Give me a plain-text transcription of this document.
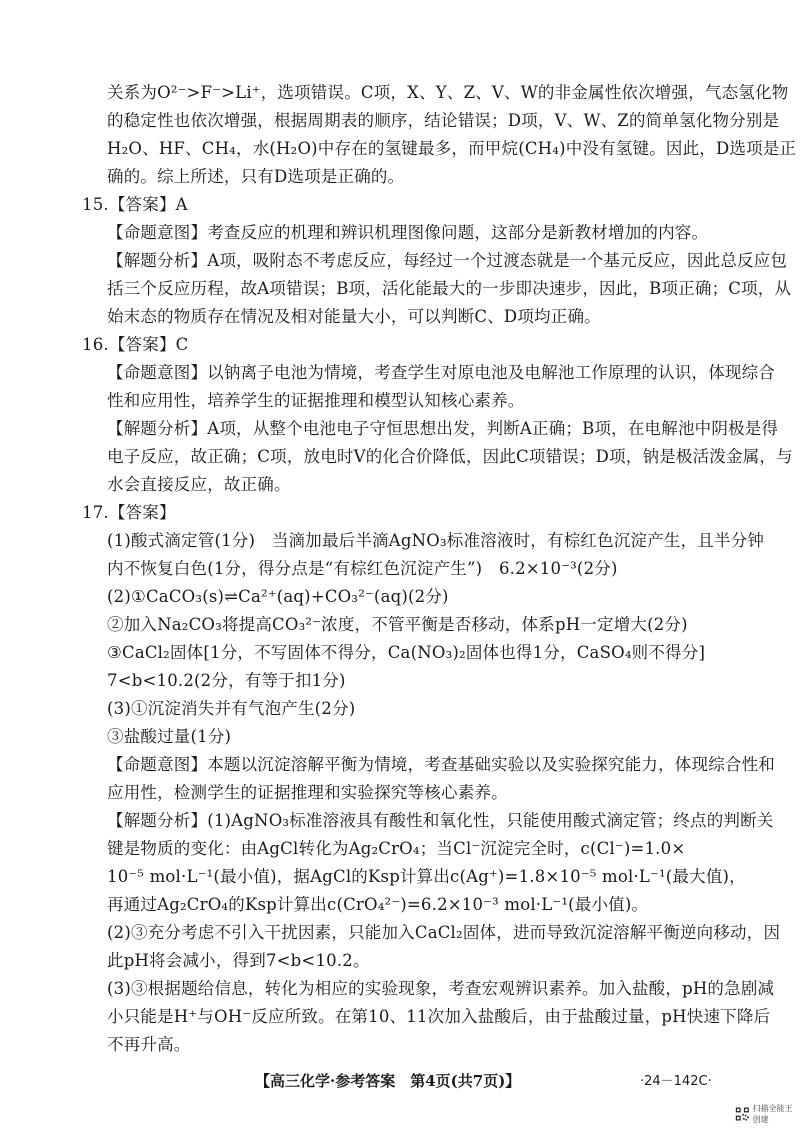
关系为O²⁻>F⁻>Li⁺，选项错误。C项，X、Y、Z、V、W的非金属性依次增强，气态氢化物
的稳定性也依次增强，根据周期表的顺序，结论错误；D项，V、W、Z的简单氢化物分别是
H₂O、HF、CH₄，水(H₂O)中存在的氢键最多，而甲烷(CH₄)中没有氢键。因此，D选项是正
确的。综上所述，只有D选项是正确的。
15.【答案】A
【命题意图】考查反应的机理和辨识机理图像问题，这部分是新教材增加的内容。
【解题分析】A项，吸附态不考虑反应，每经过一个过渡态就是一个基元反应，因此总反应包
括三个反应历程，故A项错误；B项，活化能最大的一步即决速步，因此，B项正确；C项，从
始末态的物质存在情况及相对能量大小，可以判断C、D项均正确。
16.【答案】C
【命题意图】以钠离子电池为情境，考查学生对原电池及电解池工作原理的认识，体现综合
性和应用性，培养学生的证据推理和模型认知核心素养。
【解题分析】A项，从整个电池电子守恒思想出发，判断A正确；B项，在电解池中阴极是得
电子反应，故正确；C项，放电时V的化合价降低，因此C项错误；D项，钠是极活泼金属，与
水会直接反应，故正确。
17.【答案】
(1)酸式滴定管(1分)　当滴加最后半滴AgNO₃标准溶液时，有棕红色沉淀产生，且半分钟
内不恢复白色(1分，得分点是“有棕红色沉淀产生”)　6.2×10⁻³(2分)
(2)①CaCO₃(s)⇌Ca²⁺(aq)+CO₃²⁻(aq)(2分)
②加入Na₂CO₃将提高CO₃²⁻浓度，不管平衡是否移动，体系pH一定增大(2分)
③CaCl₂固体[1分，不写固体不得分，Ca(NO₃)₂固体也得1分，CaSO₄则不得分]
7<b<10.2(2分，有等于扣1分)
(3)①沉淀消失并有气泡产生(2分)
③盐酸过量(1分)
【命题意图】本题以沉淀溶解平衡为情境，考查基础实验以及实验探究能力，体现综合性和
应用性，检测学生的证据推理和实验探究等核心素养。
【解题分析】(1)AgNO₃标准溶液具有酸性和氧化性，只能使用酸式滴定管；终点的判断关
键是物质的变化：由AgCl转化为Ag₂CrO₄；当Cl⁻沉淀完全时，c(Cl⁻)=1.0×
10⁻⁵ mol·L⁻¹(最小值)，据AgCl的Ksp计算出c(Ag⁺)=1.8×10⁻⁵ mol·L⁻¹(最大值)，
再通过Ag₂CrO₄的Ksp计算出c(CrO₄²⁻)=6.2×10⁻³ mol·L⁻¹(最小值)。
(2)③充分考虑不引入干扰因素，只能加入CaCl₂固体，进而导致沉淀溶解平衡逆向移动，因
此pH将会减小，得到7<b<10.2。
(3)③根据题给信息，转化为相应的实验现象，考查宏观辨识素养。加入盐酸，pH的急剧减
小只能是H⁺与OH⁻反应所致。在第10、11次加入盐酸后，由于盐酸过量，pH快速下降后
不再升高。
【高三化学·参考答案　第4页(共7页)】	·24－142C·
扫描全能王 创建
